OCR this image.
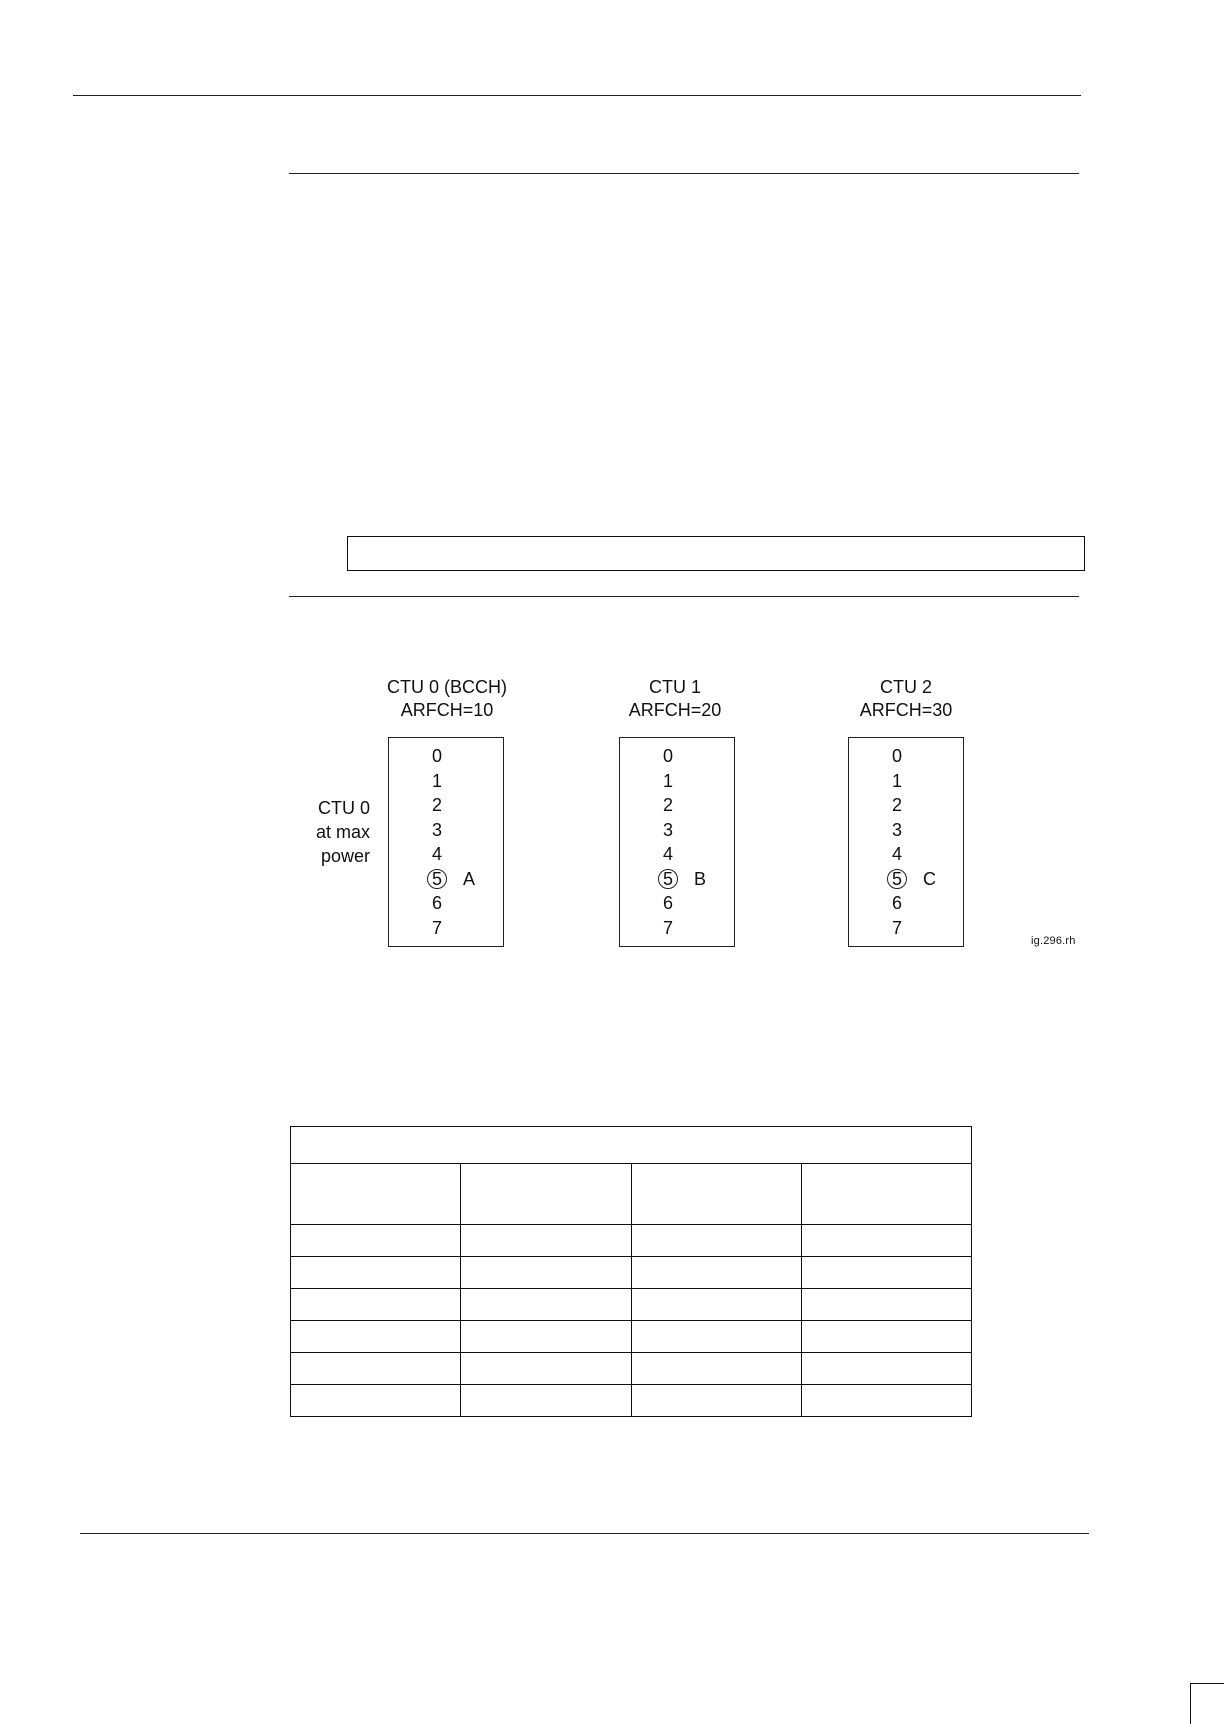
CTU 0
at max
power
CTU 0 (BCCH)
ARFCH=10
0
1
2
3
4
5 A
6
7
CTU 1
ARFCH=20
0
1
2
3
4
5 B
6
7
CTU 2
ARFCH=30
0
1
2
3
4
5 C
6
7
ig.296.rh
